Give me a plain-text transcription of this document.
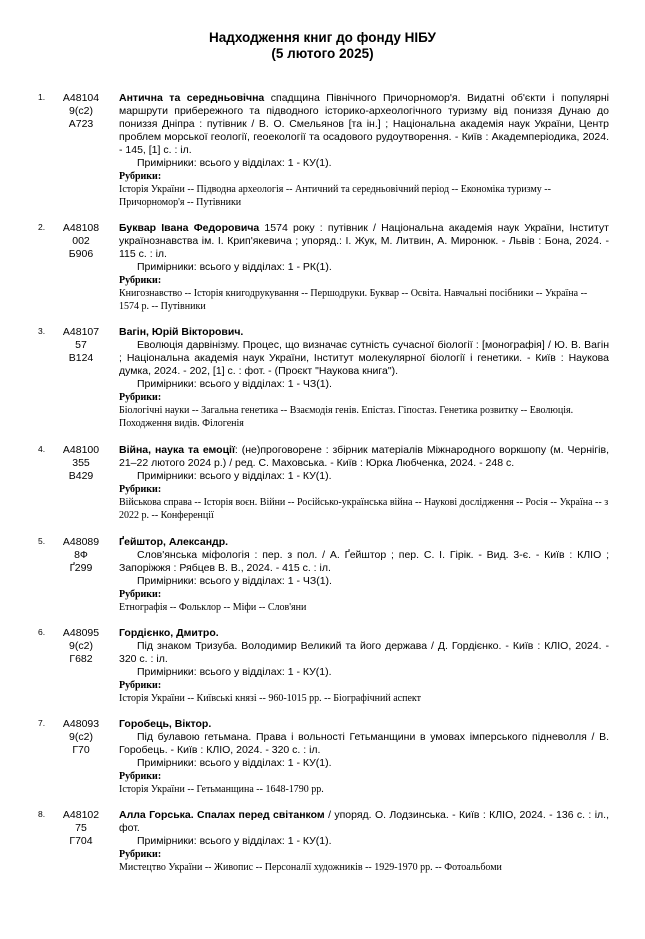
Надходження книг до фонду НІБУ
(5 лютого 2025)
1.	А48104
9(с2)
А723

Антична та середньовічна спадщина Північного Причорномор'я. Видатні об'єкти і популярні маршрути прибережного та підводного історико-археологічного туризму від пониззя Дунаю до пониззя Дніпра : путівник / В. О. Смельянов [та ін.] ; Національна академія наук України, Центр проблем морської геології, геоекології та осадового рудоутворення. - Київ : Академперіодика, 2024. - 145, [1] с. : іл.

Примірники: всього у відділах: 1 - КУ(1).

Рубрики:
Історія України -- Підводна археологія -- Античний та середньовічний період -- Економіка туризму -- Причорномор'я -- Путівники
2.	А48108
002
Б906

Буквар Івана Федоровича 1574 року : путівник / Національна академія наук України, Інститут українознавства ім. І. Крип'якевича ; упоряд.: І. Жук, М. Литвин, А. Миронюк. - Львів : Бона, 2024. - 115 с. : іл.

Примірники: всього у відділах: 1 - РК(1).

Рубрики:
Книгознавство -- Історія книгодрукування -- Першодруки. Буквар -- Освіта. Навчальні посібники -- Україна -- 1574 р. -- Путівники
3.	А48107
57
В124

Вагін, Юрій Вікторович.

Еволюція дарвінізму. Процес, що визначає сутність сучасної біології : [монографія] / Ю. В. Вагін ; Національна академія наук України, Інститут молекулярної біології і генетики. - Київ : Наукова думка, 2024. - 202, [1] с. : фот. - (Проєкт "Наукова книга").

Примірники: всього у відділах: 1 - ЧЗ(1).

Рубрики:
Біологічні науки -- Загальна генетика -- Взаємодія генів. Епістаз. Гіпостаз. Генетика розвитку -- Еволюція. Походження видів. Філогенія
4.	А48100
355
В429

Війна, наука та емоції: (не)проговорене : збірник матеріалів Міжнародного воркшопу (м. Чернігів, 21–22 лютого 2024 р.) / ред. С. Маховська. - Київ : Юрка Любченка, 2024. - 248 с.

Примірники: всього у відділах: 1 - КУ(1).

Рубрики:
Військова справа -- Історія воєн. Війни -- Російсько-українська війна -- Наукові дослідження -- Росія -- Україна -- з 2022 р. -- Конференції
5.	А48089
8Ф
Ґ299

Ґейштор, Александр.

Слов'янська міфологія : пер. з пол. / А. Ґейштор ; пер. С. І. Гірік. - Вид. 3-є. - Київ : КЛІО ; Запоріжжя : Рябцев В. В., 2024. - 415 с. : іл.

Примірники: всього у відділах: 1 - ЧЗ(1).

Рубрики:
Етнографія -- Фольклор -- Міфи -- Слов'яни
6.	А48095
9(с2)
Г682

Гордієнко, Дмитро.

Під знаком Тризуба. Володимир Великий та його держава / Д. Гордієнко. - Київ : КЛІО, 2024. - 320 с. : іл.

Примірники: всього у відділах: 1 - КУ(1).

Рубрики:
Історія України -- Київські князі -- 960-1015 рр. -- Біографічний аспект
7.	А48093
9(с2)
Г70

Горобець, Віктор.

Під булавою гетьмана. Права і вольності Гетьманщини в умовах імперського підневолля / В. Горобець. - Київ : КЛІО, 2024. - 320 с. : іл.

Примірники: всього у відділах: 1 - КУ(1).

Рубрики:
Історія України -- Гетьманщина -- 1648-1790 рр.
8.	А48102
75
Г704

Алла Горська. Спалах перед світанком / упоряд. О. Лодзинська. - Київ : КЛІО, 2024. - 136 с. : іл., фот.

Примірники: всього у відділах: 1 - КУ(1).

Рубрики:
Мистецтво України -- Живопис -- Персоналії художників -- 1929-1970 рр. -- Фотоальбоми
